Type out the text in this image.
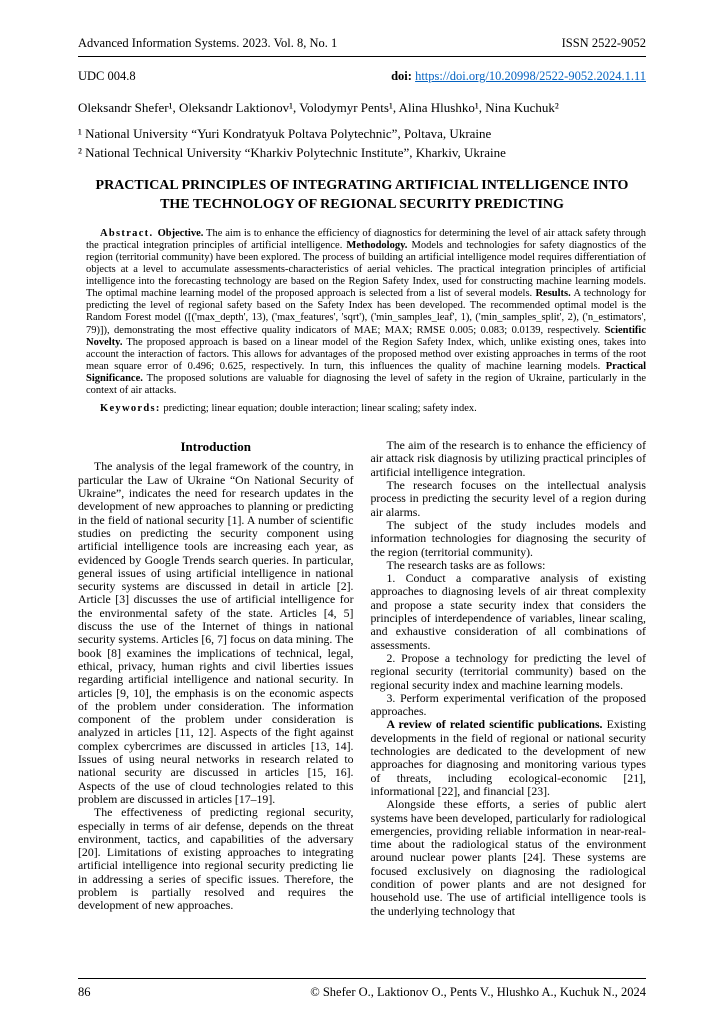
Advanced Information Systems. 2023. Vol. 8, No. 1	ISSN 2522-9052
UDC 004.8	doi: https://doi.org/10.20998/2522-9052.2024.1.11

Oleksandr Shefer¹, Oleksandr Laktionov¹, Volodymyr Pents¹, Alina Hlushko¹, Nina Kuchuk²

¹ National University “Yuri Kondratyuk Poltava Polytechnic”, Poltava, Ukraine

² National Technical University “Kharkiv Polytechnic Institute”, Kharkiv, Ukraine

PRACTICAL PRINCIPLES OF INTEGRATING ARTIFICIAL INTELLIGENCE INTO THE TECHNOLOGY OF REGIONAL SECURITY PREDICTING

Abstract. Objective. The aim is to enhance the efficiency of diagnostics for determining the level of air attack safety through the practical integration principles of artificial intelligence. Methodology. Models and technologies for safety diagnostics of the region (territorial community) have been explored. The process of building an artificial intelligence model requires differentiation of objects at a level to accumulate assessments-characteristics of aerial vehicles. The practical integration principles of artificial intelligence into the forecasting technology are based on the Region Safety Index, used for constructing machine learning models. The optimal machine learning model of the proposed approach is selected from a list of several models. Results. A technology for predicting the level of regional safety based on the Safety Index has been developed. The recommended optimal model is the Random Forest model ([('max_depth', 13), ('max_features', 'sqrt'), ('min_samples_leaf', 1), ('min_samples_split', 2), ('n_estimators', 79)]), demonstrating the most effective quality indicators of MAE; MAX; RMSE 0.005; 0.083; 0.0139, respectively. Scientific Novelty. The proposed approach is based on a linear model of the Region Safety Index, which, unlike existing ones, takes into account the interaction of factors. This allows for advantages of the proposed method over existing approaches in terms of the root mean square error of 0.496; 0.625, respectively. In turn, this influences the quality of machine learning models. Practical Significance. The proposed solutions are valuable for diagnosing the level of safety in the region of Ukraine, particularly in the context of air attacks.

Keywords: predicting; linear equation; double interaction; linear scaling; safety index.

Introduction

The analysis of the legal framework of the country, in particular the Law of Ukraine “On National Security of Ukraine”, indicates the need for research updates in the development of new approaches to planning or predicting in the field of national security [1]. A number of scientific studies on predicting the security component using artificial intelligence tools are increasing each year, as evidenced by Google Trends search queries. In particular, general issues of using artificial intelligence in national security systems are discussed in detail in article [2]. Article [3] discusses the use of artificial intelligence for the environmental safety of the state. Articles [4, 5] discuss the use of the Internet of things in national security systems. Articles [6, 7] focus on data mining. The book [8] examines the implications of technical, legal, ethical, privacy, human rights and civil liberties issues regarding artificial intelligence and national security. In articles [9, 10], the emphasis is on the economic aspects of the problem under consideration. The information component of the problem under consideration is analyzed in articles [11, 12]. Aspects of the fight against complex cybercrimes are discussed in articles [13, 14]. Issues of using neural networks in research related to national security are discussed in articles [15, 16]. Aspects of the use of cloud technologies related to this problem are discussed in articles [17–19].

The effectiveness of predicting regional security, especially in terms of air defense, depends on the threat environment, tactics, and capabilities of the adversary [20]. Limitations of existing approaches to integrating artificial intelligence into regional security predicting lie in addressing a series of specific issues. Therefore, the problem is partially resolved and requires the development of new approaches.

The aim of the research is to enhance the efficiency of air attack risk diagnosis by utilizing practical principles of artificial intelligence integration.

The research focuses on the intellectual analysis process in predicting the security level of a region during air alarms.

The subject of the study includes models and information technologies for diagnosing the security of the region (territorial community).

The research tasks are as follows:

1. Conduct a comparative analysis of existing approaches to diagnosing levels of air threat complexity and propose a state security index that considers the principles of interdependence of variables, linear scaling, and exhaustive consideration of all combinations of assessments.

2. Propose a technology for predicting the level of regional security (territorial community) based on the regional security index and machine learning models.

3. Perform experimental verification of the proposed approaches.

A review of related scientific publications. Existing developments in the field of regional or national security technologies are dedicated to the development of new approaches for diagnosing and monitoring various types of threats, including ecological-economic [21], informational [22], and financial [23].

Alongside these efforts, a series of public alert systems have been developed, particularly for radiological emergencies, providing reliable information in near-real-time about the radiological status of the environment around nuclear power plants [24]. These systems are focused exclusively on diagnosing the radiological condition of power plants and are not designed for household use. The use of artificial intelligence tools is the underlying technology that

86	© Shefer O., Laktionov O., Pents V., Hlushko A., Kuchuk N., 2024
